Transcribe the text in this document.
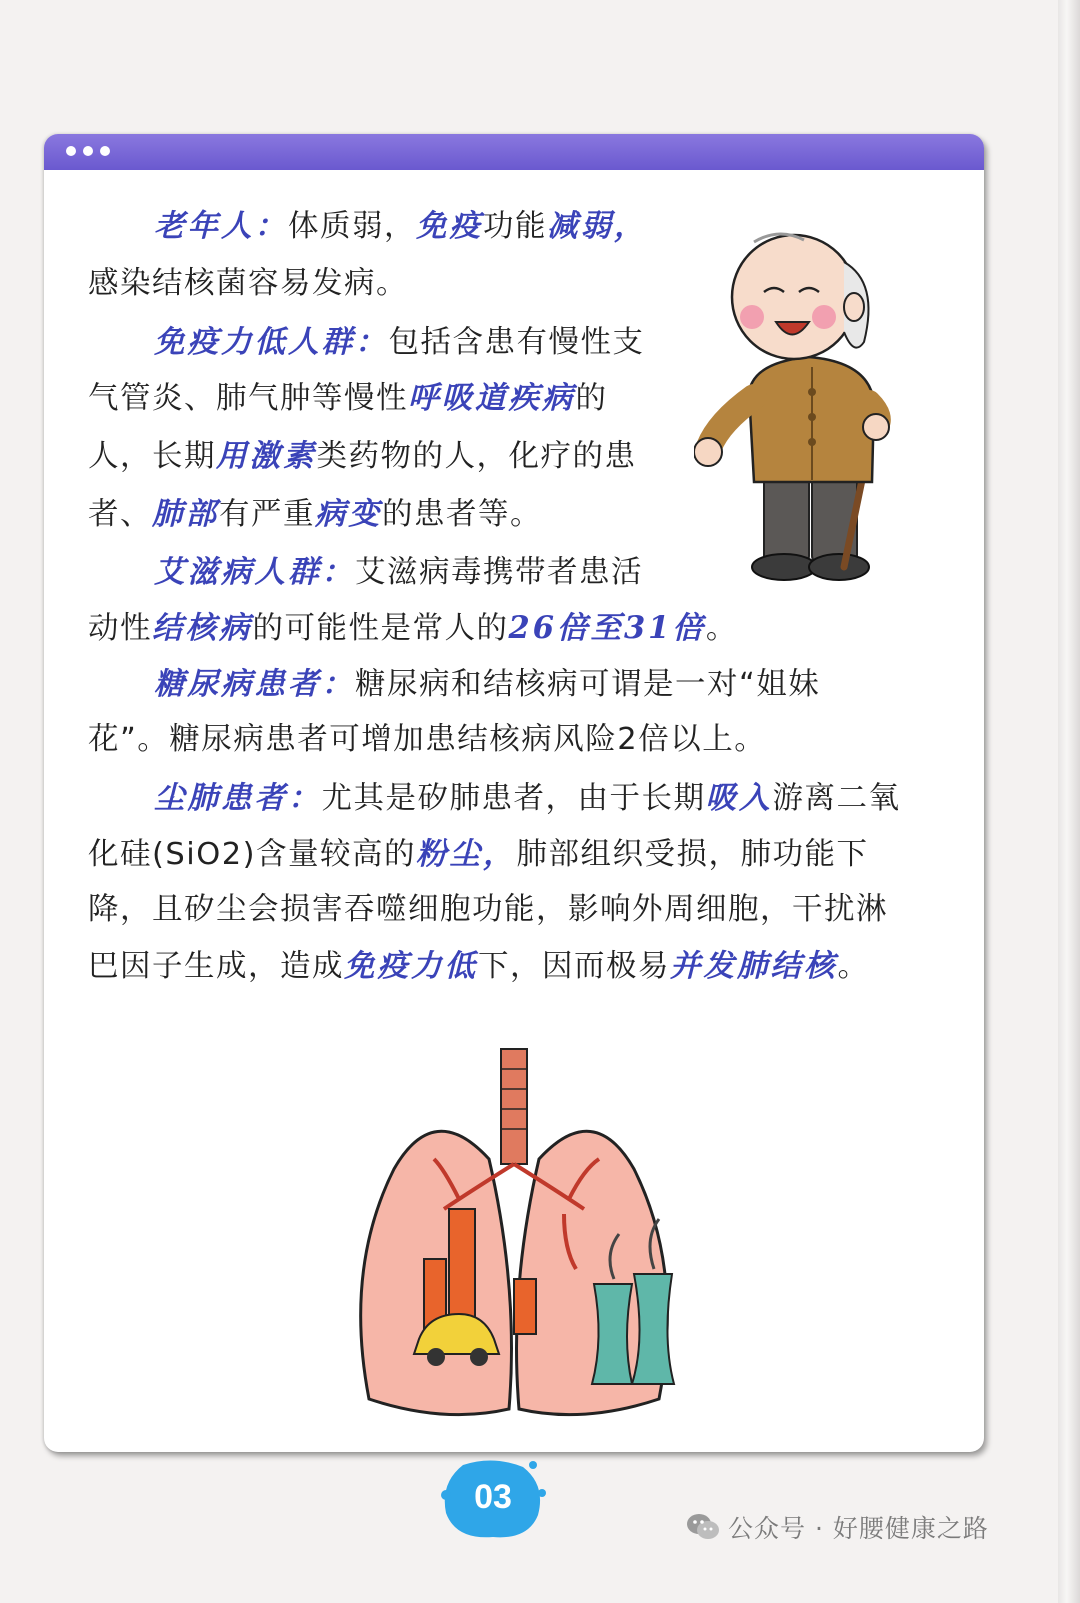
老年人：体质弱，免疫功能减弱，
感染结核菌容易发病。
免疫力低人群：包括含患有慢性支
气管炎、肺气肿等慢性呼吸道疾病的
人，长期用激素类药物的人，化疗的患
者、肺部有严重病变的患者等。
艾滋病人群：艾滋病毒携带者患活
动性结核病的可能性是常人的26倍至31倍。
糖尿病患者：糖尿病和结核病可谓是一对“姐妹
花”。糖尿病患者可增加患结核病风险2倍以上。
尘肺患者：尤其是矽肺患者，由于长期吸入游离二氧
化硅(SiO2)含量较高的粉尘，肺部组织受损，肺功能下
降，且矽尘会损害吞噬细胞功能，影响外周细胞，干扰淋
巴因子生成，造成免疫力低下，因而极易并发肺结核。
03
公众号 · 好腰健康之路
